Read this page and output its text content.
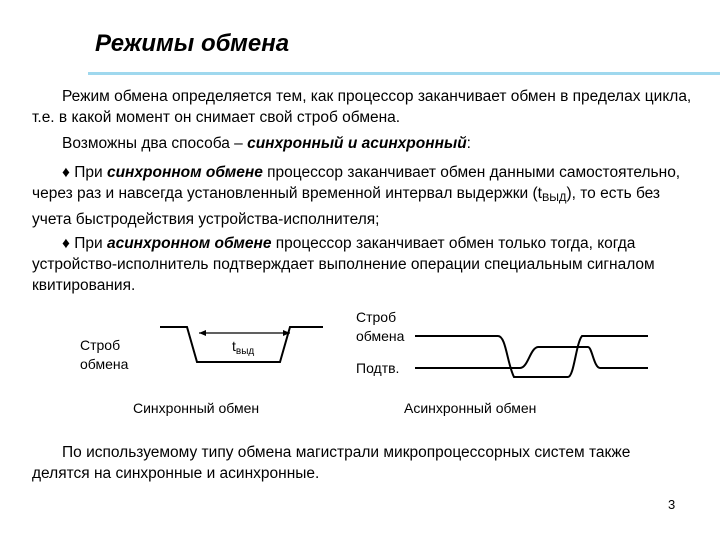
Режимы обмена
Режим обмена определяется тем, как процессор заканчивает обмен в пределах цикла, т.е. в какой момент он снимает свой строб обмена.
Возможны два способа – синхронный и асинхронный:
♦ При синхронном обмене процессор заканчивает обмен данными самостоятельно, через раз и навсегда установленный временной интервал выдержки $(t_{ВЫД})$, то есть без учета быстродействия устройства-исполнителя;
♦ При асинхронном обмене процессор заканчивает обмен только тогда, когда устройство-исполнитель подтверждает выполнение операции специальным сигналом квитирования.
Строб
обмена
$t_{выд}$
Синхронный обмен
Строб
обмена
Подтв.
Асинхронный обмен
По используемому типу обмена магистрали микропроцессорных систем также делятся на синхронные и асинхронные.
3
